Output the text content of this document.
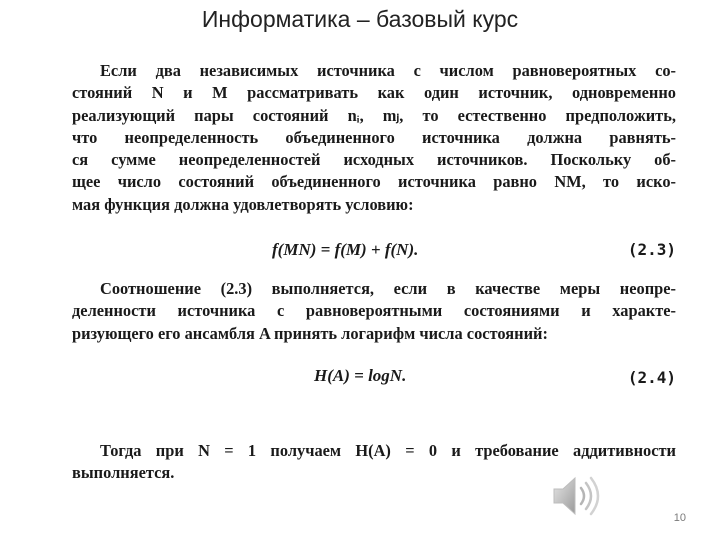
Информатика – базовый курс
Если два независимых источника с числом равновероятных со-
стояний N и M рассматривать как один источник, одновременно
реализующий пары состояний nᵢ, mⱼ, то естественно предположить,
что неопределенность объединенного источника должна равнять-
ся сумме неопределенностей исходных источников. Поскольку об-
щее число состояний объединенного источника равно NM, то иско-
мая функция должна удовлетворять условию:
f(MN) = f(M) + f(N).	(2.3)
Соотношение (2.3) выполняется, если в качестве меры неопре-
деленности источника с равновероятными состояниями и характе-
ризующего его ансамбля A принять логарифм числа состояний:
H(A) = logN.	(2.4)
Тогда при N = 1 получаем H(A) = 0 и требование аддитивности
выполняется.
10
